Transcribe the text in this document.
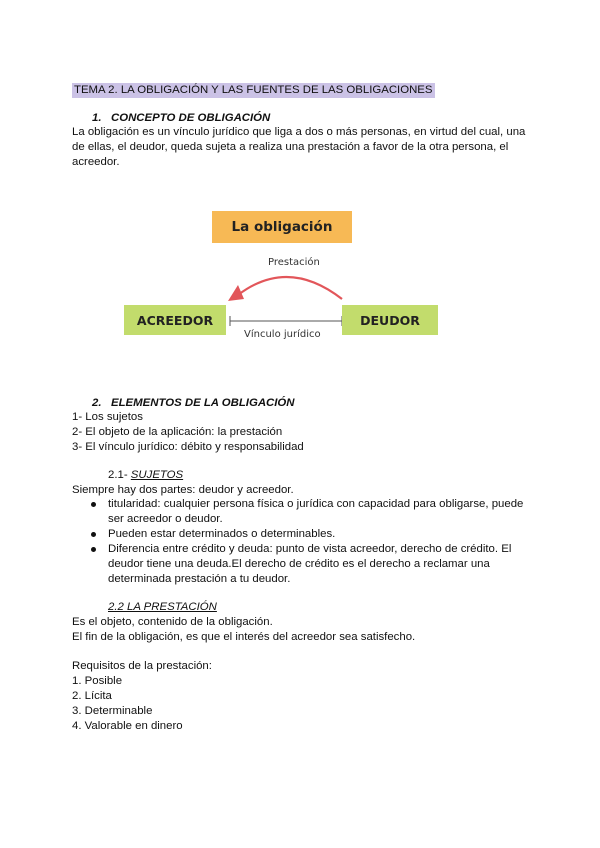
TEMA 2. LA OBLIGACIÓN Y LAS FUENTES DE LAS OBLIGACIONES
1. CONCEPTO DE OBLIGACIÓN
La obligación es un vínculo jurídico que liga a dos o más personas, en virtud del cual, una
de ellas, el deudor, queda sujeta a realiza una prestación a favor de la otra persona, el
acreedor.
La obligación
Prestación
ACREEDOR	DEUDOR
Vínculo jurídico
2. ELEMENTOS DE LA OBLIGACIÓN
1- Los sujetos
2- El objeto de la aplicación: la prestación
3- El vínculo jurídico: débito y responsabilidad
2.1- SUJETOS
Siempre hay dos partes: deudor y acreedor.
titularidad: cualquier persona física o jurídica con capacidad para obligarse, puede
ser acreedor o deudor.
Pueden estar determinados o determinables.
Diferencia entre crédito y deuda: punto de vista acreedor, derecho de crédito. El
deudor tiene una deuda.El derecho de crédito es el derecho a reclamar una
determinada prestación a tu deudor.
2.2 LA PRESTACIÓN
Es el objeto, contenido de la obligación.
El fin de la obligación, es que el interés del acreedor sea satisfecho.
Requisitos de la prestación:
1. Posible
2. Lícita
3. Determinable
4. Valorable en dinero
